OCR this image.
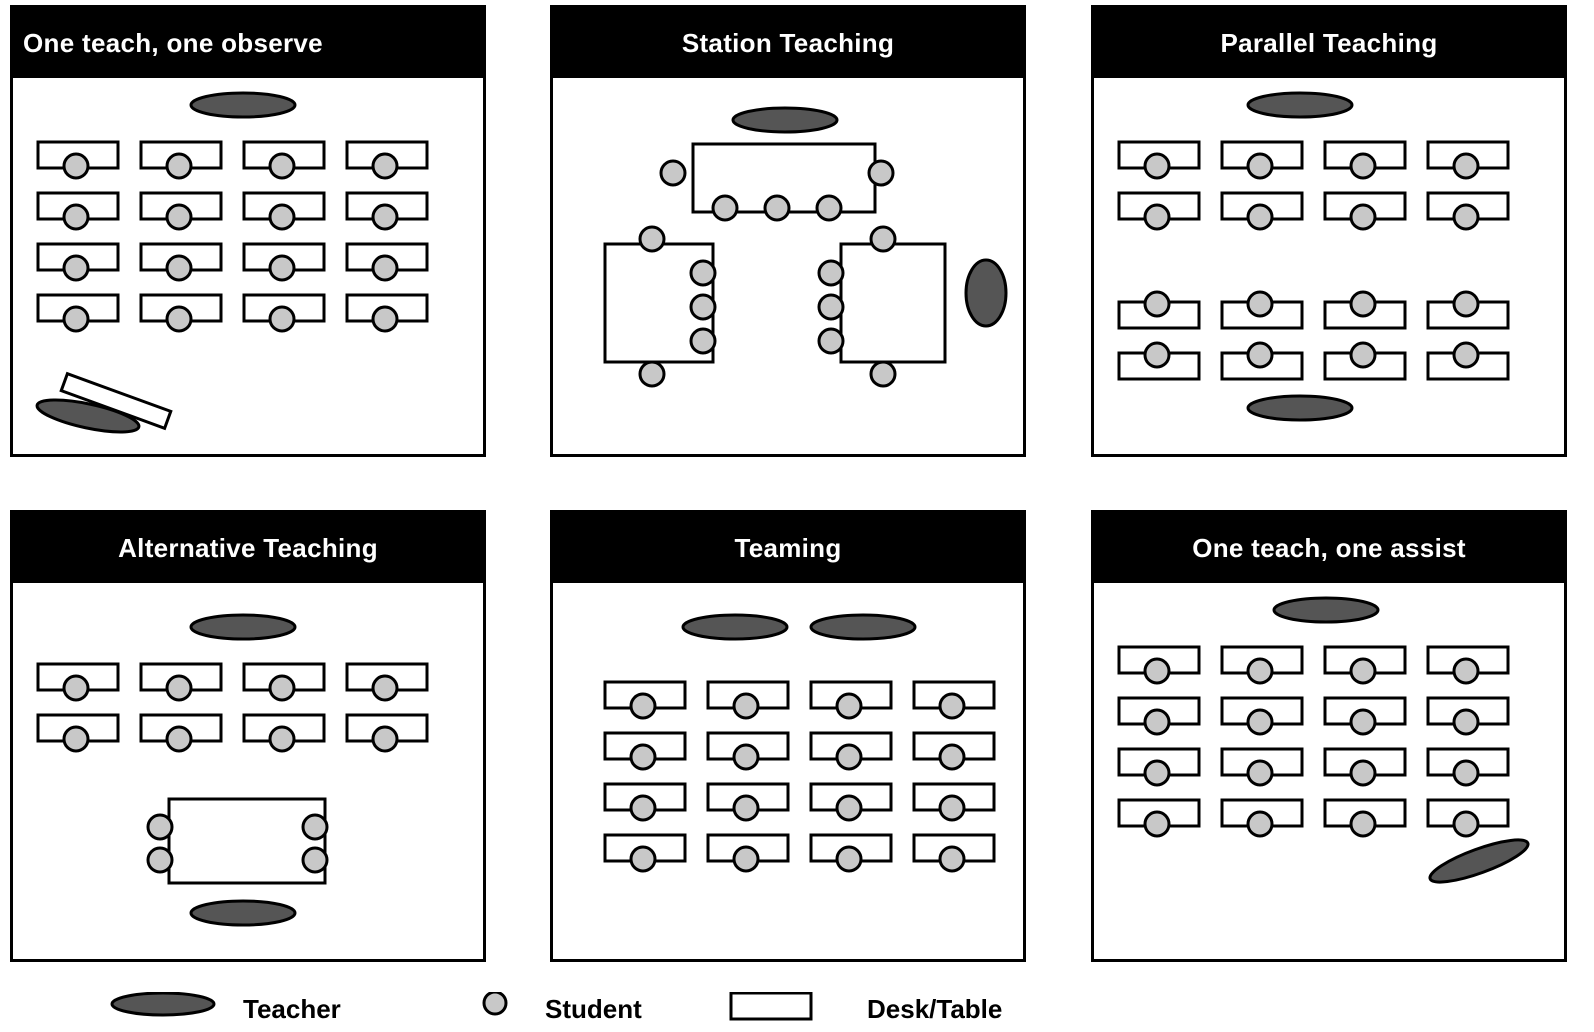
One teach, one observe	Station Teaching	Parallel Teaching
Alternative Teaching	Teaming	One teach, one assist
Teacher	Student	Desk/Table
